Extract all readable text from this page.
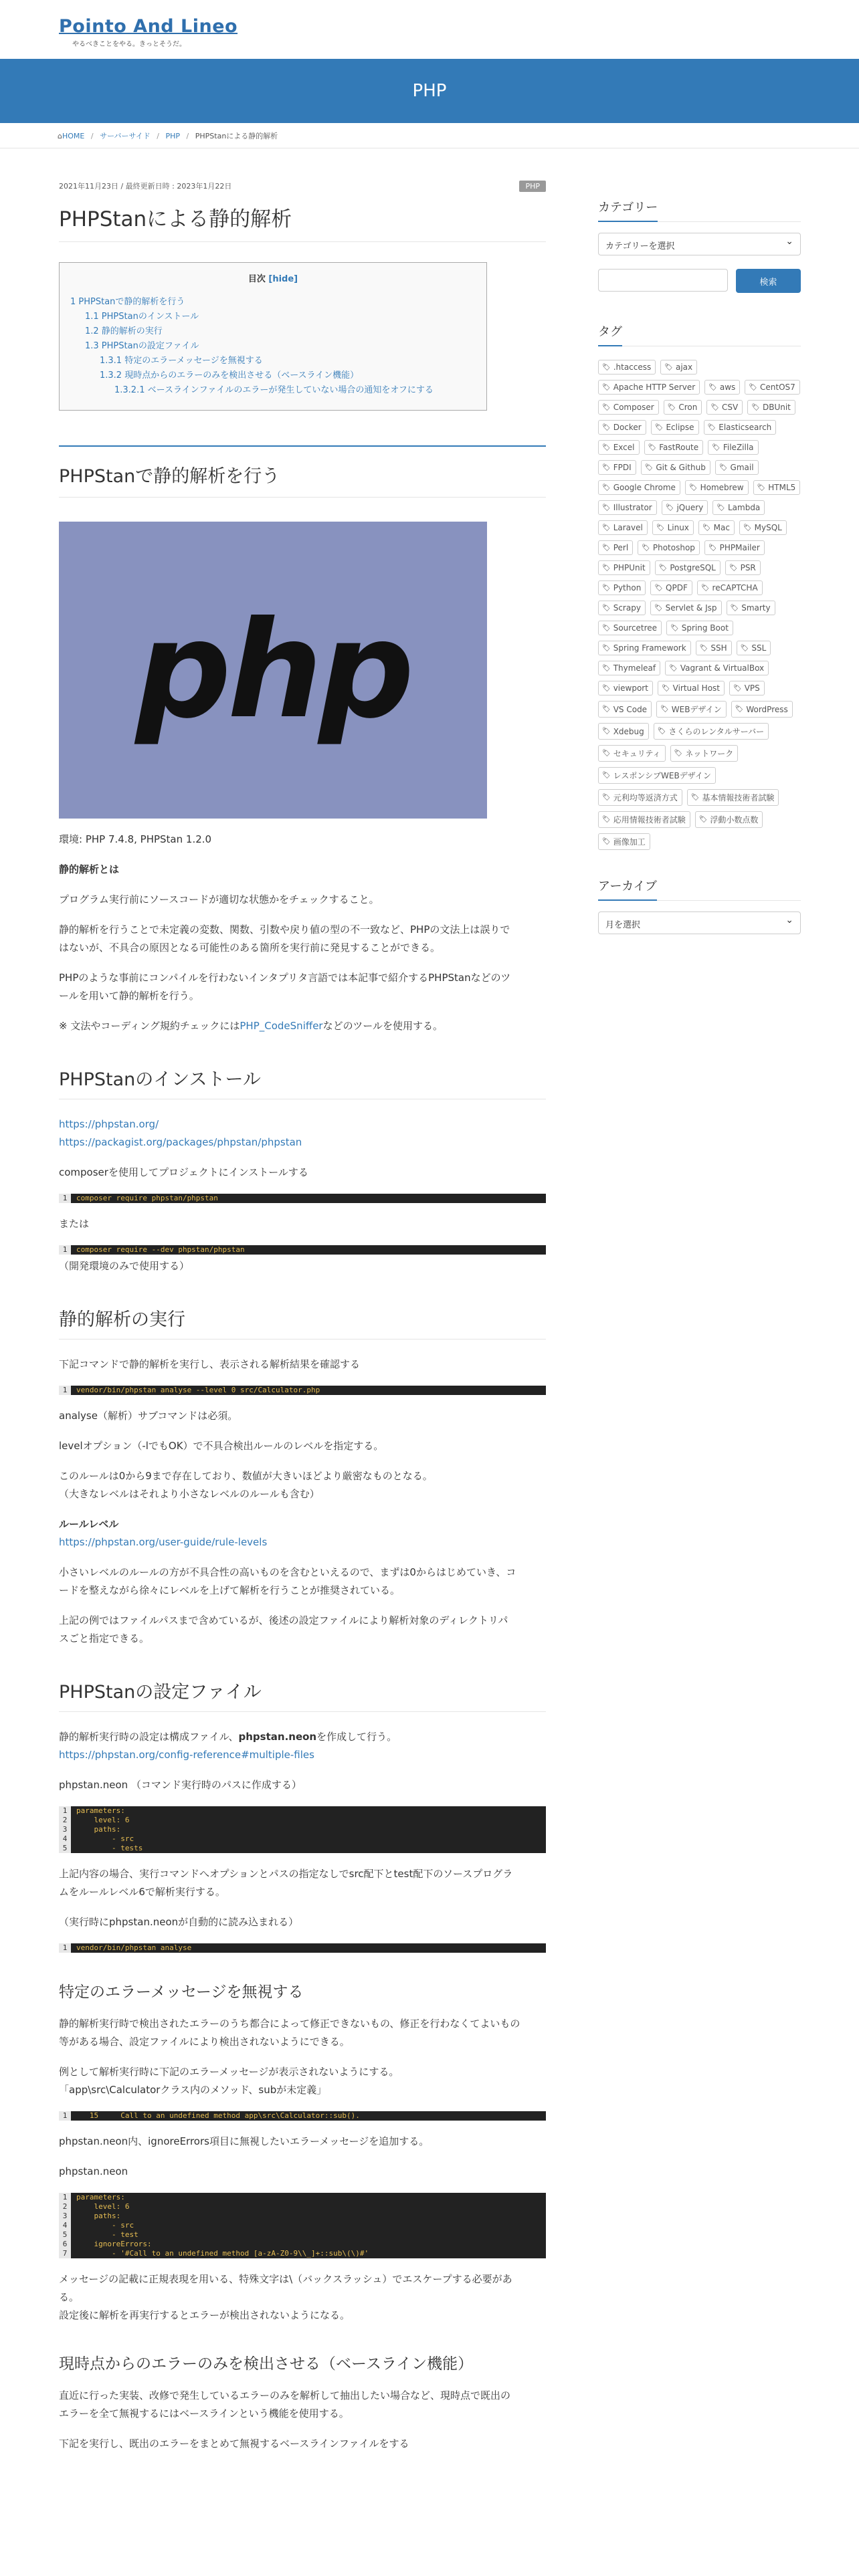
Pointo And Lineo
やるべきことをやる。きっとそうだ。
PHP
⌂HOME / サーバーサイド / PHP / PHPStanによる静的解析
2021年11月23日 / 最終更新日時 : 2023年1月22日	PHP
PHPStanによる静的解析
目次 [hide]
1 PHPStanで静的解析を行う
1.1 PHPStanのインストール
1.2 静的解析の実行
1.3 PHPStanの設定ファイル
1.3.1 特定のエラーメッセージを無視する
1.3.2 現時点からのエラーのみを検出させる（ベースライン機能）
1.3.2.1 ベースラインファイルのエラーが発生していない場合の通知をオフにする
PHPStanで静的解析を行う
php

環境: PHP 7.4.8, PHPStan 1.2.0

静的解析とは

プログラム実行前にソースコードが適切な状態かをチェックすること。

静的解析を行うことで未定義の変数、関数、引数や戻り値の型の不一致など、PHPの文法上は誤りで
はないが、不具合の原因となる可能性のある箇所を実行前に発見することができる。

PHPのような事前にコンパイルを行わないインタプリタ言語では本記事で紹介するPHPStanなどのツ
ールを用いて静的解析を行う。

※ 文法やコーディング規約チェックにはPHP_CodeSnifferなどのツールを使用する。

PHPStanのインストール

https://phpstan.org/
https://packagist.org/packages/phpstan/phpstan

composerを使用してプロジェクトにインストールする

1	composer require phpstan/phpstan

または

1	composer require --dev phpstan/phpstan

（開発環境のみで使用する）

静的解析の実行

下記コマンドで静的解析を実行し、表示される解析結果を確認する

1	vendor/bin/phpstan analyse --level 0 src/Calculator.php

analyse（解析）サブコマンドは必須。

levelオプション（-lでもOK）で不具合検出ルールのレベルを指定する。

このルールは0から9まで存在しており、数値が大きいほどより厳密なものとなる。
（大きなレベルはそれより小さなレベルのルールも含む）

ルールレベル

https://phpstan.org/user-guide/rule-levels

小さいレベルのルールの方が不具合性の高いものを含むといえるので、まずは0からはじめていき、コ
ードを整えながら徐々にレベルを上げて解析を行うことが推奨されている。

上記の例ではファイルパスまで含めているが、後述の設定ファイルにより解析対象のディレクトリパ
スごと指定できる。

PHPStanの設定ファイル

静的解析実行時の設定は構成ファイル、phpstan.neonを作成して行う。
https://phpstan.org/config-reference#multiple-files

phpstan.neon （コマンド実行時のパスに作成する）

1	parameters:
2	level: 6
3	paths:
4	- src
5	- tests

上記内容の場合、実行コマンドへオプションとパスの指定なしでsrc配下とtest配下のソースプログラ
ムをルールレベル6で解析実行する。

（実行時にphpstan.neonが自動的に読み込まれる）

1	vendor/bin/phpstan analyse
特定のエラーメッセージを無視する

静的解析実行時で検出されたエラーのうち都合によって修正できないもの、修正を行わなくてよいもの
等がある場合、設定ファイルにより検出されないようにできる。

例として解析実行時に下記のエラーメッセージが表示されないようにする。
「app\src\Calculatorクラス内のメソッド、subが未定義」

1	15     Call to an undefined method app\src\Calculator::sub().

phpstan.neon内、ignoreErrors項目に無視したいエラーメッセージを追加する。

phpstan.neon

1	parameters:
2	level: 6
3	paths:
4	- src
5	- test
6	ignoreErrors:
7	- '#Call to an undefined method [a-zA-Z0-9\\_]+::sub\(\)#'

メッセージの記載に正規表現を用いる、特殊文字は\（バックスラッシュ）でエスケープする必要があ
る。
設定後に解析を再実行するとエラーが検出されないようになる。

現時点からのエラーのみを検出させる（ベースライン機能）

直近に行った実装、改修で発生しているエラーのみを解析して抽出したい場合など、現時点で既出の
エラーを全て無視するにはベースラインという機能を使用する。

下記を実行し、既出のエラーをまとめて無視するベースラインファイルをする

カテゴリー
カテゴリーを選択 ⌄
検索
タグ
🏷 .htaccess 🏷 ajax
🏷 Apache HTTP Server 🏷 aws 🏷 CentOS7
🏷 Composer 🏷 Cron 🏷 CSV 🏷 DBUnit
🏷 Docker 🏷 Eclipse 🏷 Elasticsearch
🏷 Excel 🏷 FastRoute 🏷 FileZilla
🏷 FPDI 🏷 Git & Github 🏷 Gmail
🏷 Google Chrome 🏷 Homebrew 🏷 HTML5
🏷 Illustrator 🏷 jQuery 🏷 Lambda
🏷 Laravel 🏷 Linux 🏷 Mac 🏷 MySQL
🏷 Perl 🏷 Photoshop 🏷 PHPMailer
🏷 PHPUnit 🏷 PostgreSQL 🏷 PSR
🏷 Python 🏷 QPDF 🏷 reCAPTCHA
🏷 Scrapy 🏷 Servlet & Jsp 🏷 Smarty
🏷 Sourcetree 🏷 Spring Boot
🏷 Spring Framework 🏷 SSH 🏷 SSL
🏷 Thymeleaf 🏷 Vagrant & VirtualBox
🏷 viewport 🏷 Virtual Host 🏷 VPS
🏷 VS Code 🏷 WEBデザイン 🏷 WordPress
🏷 Xdebug 🏷 さくらのレンタルサーバー
🏷 セキュリティ 🏷 ネットワーク
🏷 レスポンシブWEBデザイン
🏷 元利均等返済方式 🏷 基本情報技術者試験
🏷 応用情報技術者試験 🏷 浮動小数点数
🏷 画像加工
アーカイブ
月を選択 ⌄
